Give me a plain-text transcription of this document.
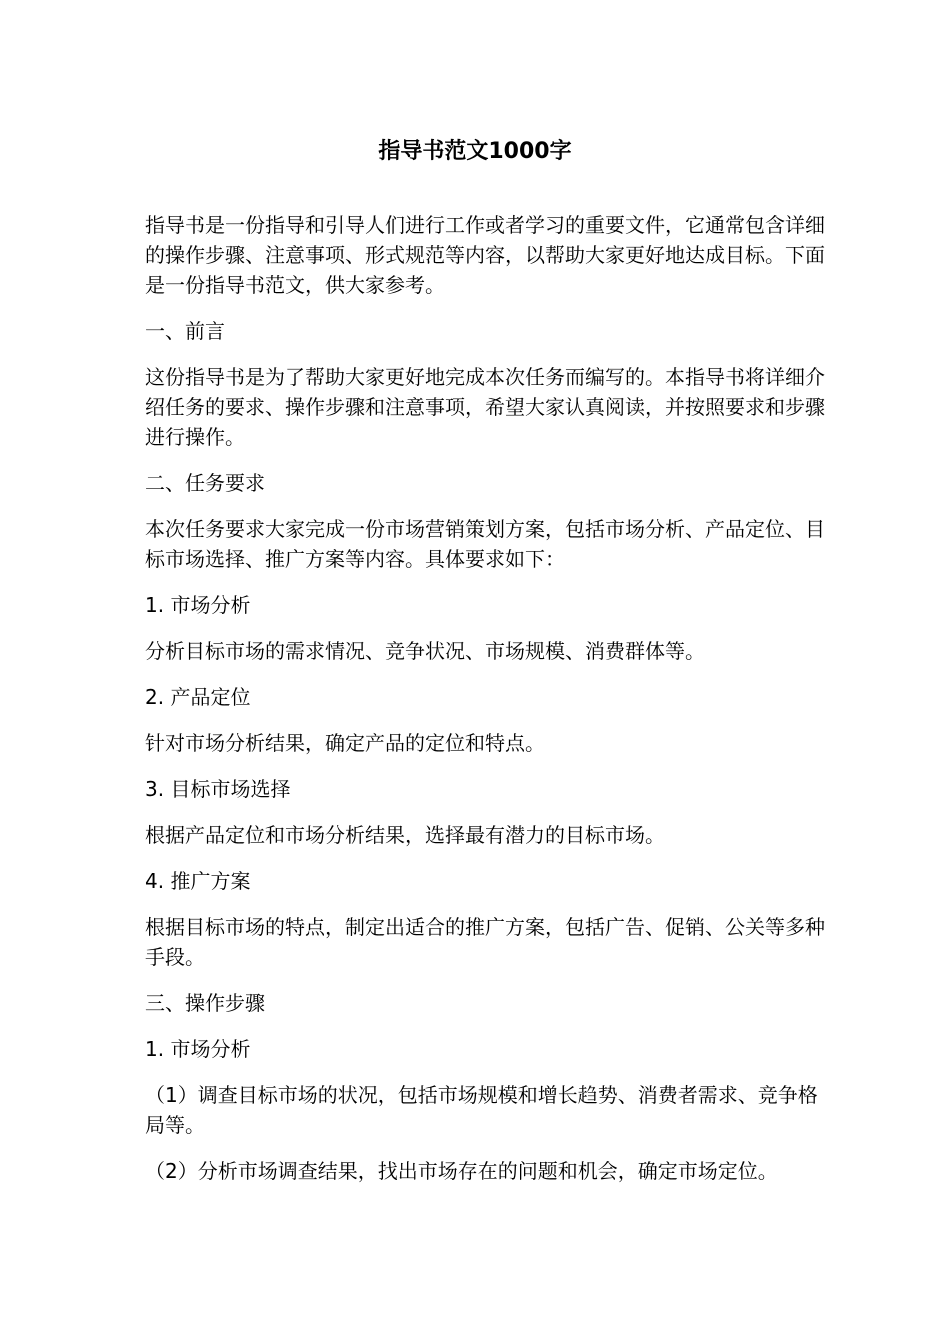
指导书范文1000字

指导书是一份指导和引导人们进行工作或者学习的重要文件，它通常包含详细的操作步骤、注意事项、形式规范等内容，以帮助大家更好地达成目标。下面是一份指导书范文，供大家参考。

一、前言

这份指导书是为了帮助大家更好地完成本次任务而编写的。本指导书将详细介绍任务的要求、操作步骤和注意事项，希望大家认真阅读，并按照要求和步骤进行操作。

二、任务要求

本次任务要求大家完成一份市场营销策划方案，包括市场分析、产品定位、目标市场选择、推广方案等内容。具体要求如下：

1. 市场分析

分析目标市场的需求情况、竞争状况、市场规模、消费群体等。

2. 产品定位

针对市场分析结果，确定产品的定位和特点。

3. 目标市场选择

根据产品定位和市场分析结果，选择最有潜力的目标市场。

4. 推广方案

根据目标市场的特点，制定出适合的推广方案，包括广告、促销、公关等多种手段。

三、操作步骤

1. 市场分析

（1）调查目标市场的状况，包括市场规模和增长趋势、消费者需求、竞争格局等。

（2）分析市场调查结果，找出市场存在的问题和机会，确定市场定位。
